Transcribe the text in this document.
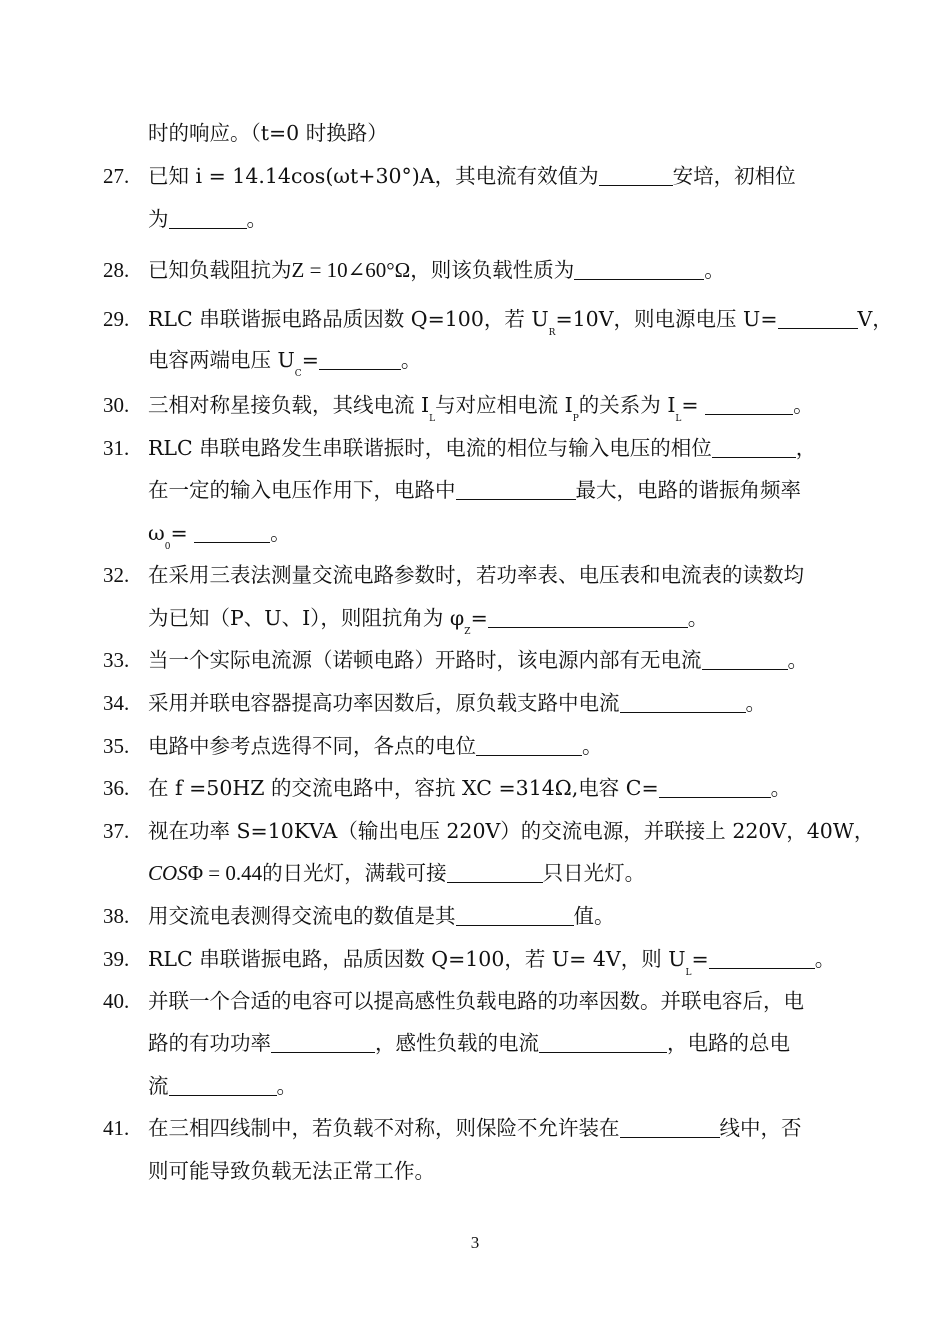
时的响应。（t=0 时换路）
27. 已知 i = 14.14cos(ωt+30°)A，其电流有效值为	安培，初相位
为	。
28. 已知负载阻抗为Z = 10∠60°Ω，则该负载性质为	。
29. RLC 串联谐振电路品质因数 Q=100，若 $U_R=10V$，则电源电压 U=	V，
电容两端电压 $U_C=$	。
30. 三相对称星接负载，其线电流 $I_L$与对应相电流 $I_P$的关系为 $I_L=$	。
31. RLC 串联电路发生串联谐振时，电流的相位与输入电压的相位	，
在一定的输入电压作用下，电路中	最大，电路的谐振角频率
$\omega_0=$	。
32. 在采用三表法测量交流电路参数时，若功率表、电压表和电流表的读数均
为已知（P、U、I），则阻抗角为 $\varphi_Z=$	。
33. 当一个实际电流源（诺顿电路）开路时，该电源内部有无电流	。
34. 采用并联电容器提高功率因数后，原负载支路中电流	。
35. 电路中参考点选得不同，各点的电位	。
36. 在 f =50HZ 的交流电路中，容抗 XC =314Ω,电容 C=	。
37. 视在功率 S=10KVA（输出电压 220V）的交流电源，并联接上 220V，40W，
COSΦ = 0.44的日光灯，满载可接	只日光灯。
38. 用交流电表测得交流电的数值是其	值。
39. RLC 串联谐振电路，品质因数 Q=100，若 U= 4V，则 $U_L=$	。
40. 并联一个合适的电容可以提高感性负载电路的功率因数。并联电容后，电
路的有功功率	，感性负载的电流	，电路的总电
流	。
41. 在三相四线制中，若负载不对称，则保险不允许装在	线中，否
则可能导致负载无法正常工作。
3
